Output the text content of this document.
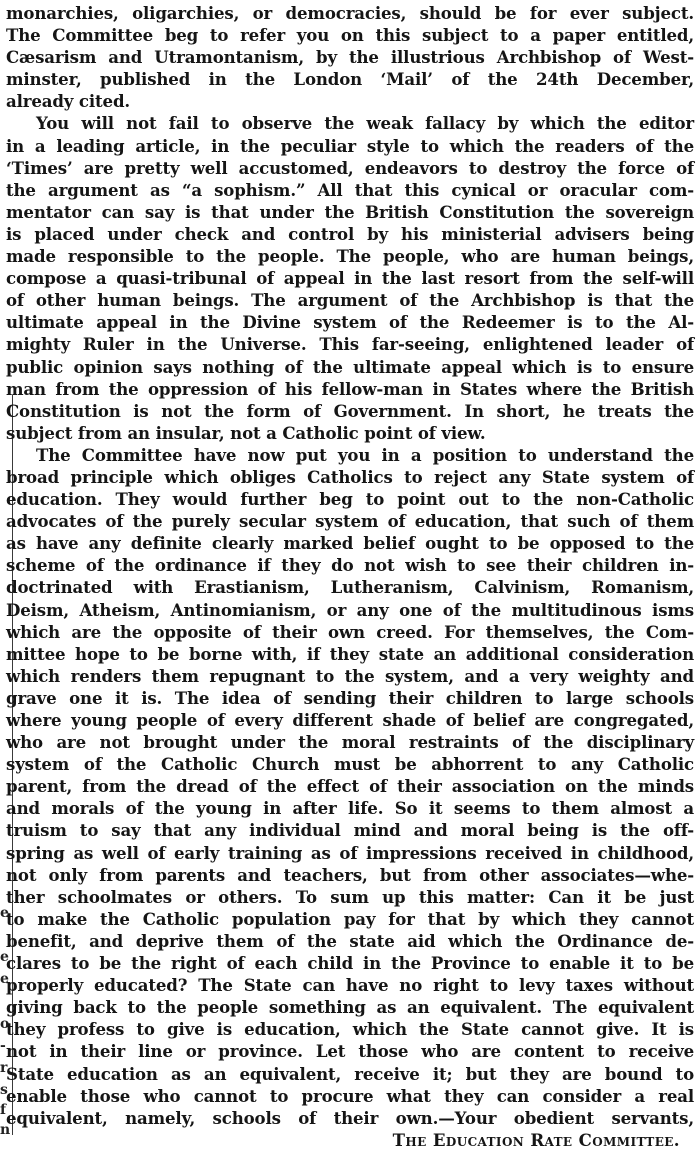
e
e
e
o
-
r
s
f
n
monarchies, oligarchies, or democracies, should be for ever subject.
The Committee beg to refer you on this subject to a paper entitled,
Cæsarism and Utramontanism, by the illustrious Archbishop of West-
minster, published in the London ‘Mail’ of the 24th December,
already cited.
You will not fail to observe the weak fallacy by which the editor
in a leading article, in the peculiar style to which the readers of the
‘Times’ are pretty well accustomed, endeavors to destroy the force of
the argument as “a sophism.” All that this cynical or oracular com-
mentator can say is that under the British Constitution the sovereign
is placed under check and control by his ministerial advisers being
made responsible to the people. The people, who are human beings,
compose a quasi-tribunal of appeal in the last resort from the self-will
of other human beings. The argument of the Archbishop is that the
ultimate appeal in the Divine system of the Redeemer is to the Al-
mighty Ruler in the Universe. This far-seeing, enlightened leader of
public opinion says nothing of the ultimate appeal which is to ensure
man from the oppression of his fellow-man in States where the British
Constitution is not the form of Government. In short, he treats the
subject from an insular, not a Catholic point of view.
The Committee have now put you in a position to understand the
broad principle which obliges Catholics to reject any State system of
education. They would further beg to point out to the non-Catholic
advocates of the purely secular system of education, that such of them
as have any definite clearly marked belief ought to be opposed to the
scheme of the ordinance if they do not wish to see their children in-
doctrinated with Erastianism, Lutheranism, Calvinism, Romanism,
Deism, Atheism, Antinomianism, or any one of the multitudinous isms
which are the opposite of their own creed. For themselves, the Com-
mittee hope to be borne with, if they state an additional consideration
which renders them repugnant to the system, and a very weighty and
grave one it is. The idea of sending their children to large schools
where young people of every different shade of belief are congregated,
who are not brought under the moral restraints of the disciplinary
system of the Catholic Church must be abhorrent to any Catholic
parent, from the dread of the effect of their association on the minds
and morals of the young in after life. So it seems to them almost a
truism to say that any individual mind and moral being is the off-
spring as well of early training as of impressions received in childhood,
not only from parents and teachers, but from other associates—whe-
ther schoolmates or others. To sum up this matter: Can it be just
to make the Catholic population pay for that by which they cannot
benefit, and deprive them of the state aid which the Ordinance de-
clares to be the right of each child in the Province to enable it to be
properly educated? The State can have no right to levy taxes without
giving back to the people something as an equivalent. The equivalent
they profess to give is education, which the State cannot give. It is
not in their line or province. Let those who are content to receive
State education as an equivalent, receive it; but they are bound to
enable those who cannot to procure what they can consider a real
equivalent, namely, schools of their own.—Your obedient servants,
The Education Rate Committee.
